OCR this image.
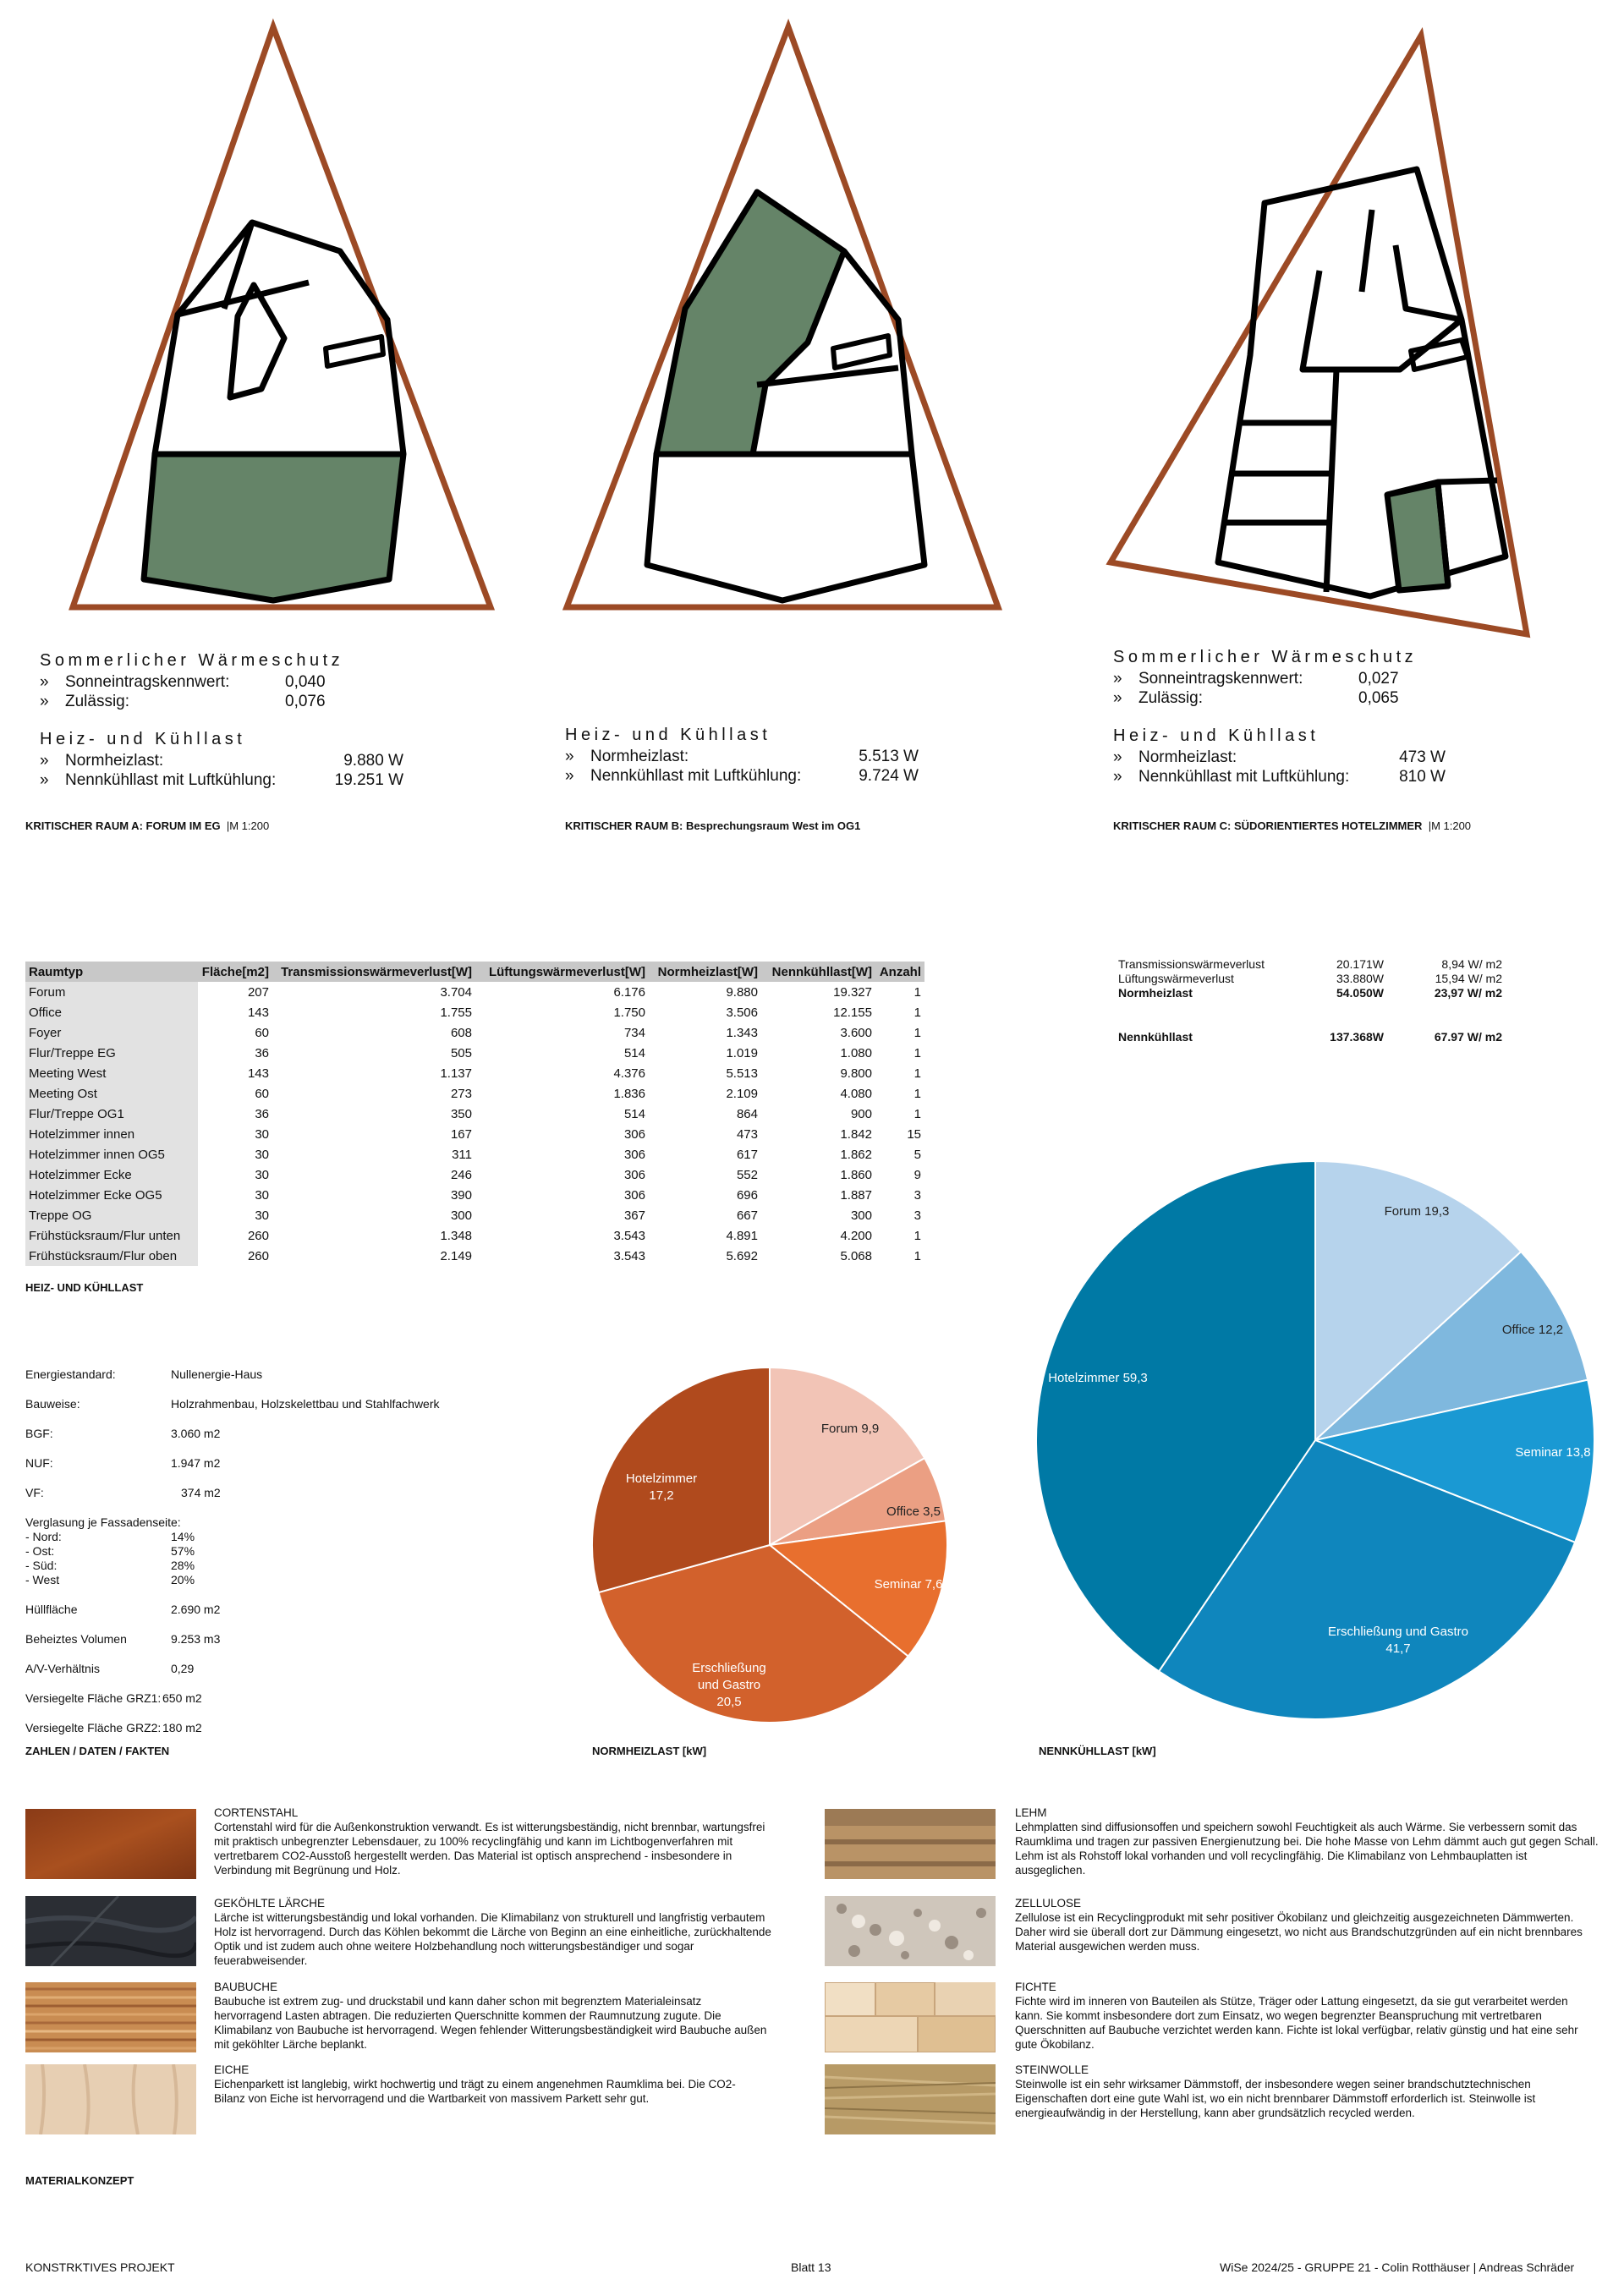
Sommerlicher Wärmeschutz
»	Sonneintragskennwert:	0,040
»	Zulässig:	0,076
Heiz- und Kühllast
»	Normheizlast:	9.880 W
»	Nennkühllast mit Luftkühlung:	19.251 W
KRITISCHER RAUM A: FORUM IM EG |M 1:200
Heiz- und Kühllast
»	Normheizlast:	5.513 W
»	Nennkühllast mit Luftkühlung:	9.724 W
KRITISCHER RAUM B: Besprechungsraum West im OG1
Sommerlicher Wärmeschutz
»	Sonneintragskennwert:	0,027
»	Zulässig:	0,065
Heiz- und Kühllast
»	Normheizlast:	473 W
»	Nennkühllast mit Luftkühlung:	810 W
KRITISCHER RAUM C: SÜDORIENTIERTES HOTELZIMMER |M 1:200
Raumtyp	Fläche[m2]	Transmissionswärmeverlust[W]	Lüftungswärmeverlust[W]	Normheizlast[W]	Nennkühllast[W]	Anzahl
Forum	207	3.704	6.176	9.880	19.327	1
Office	143	1.755	1.750	3.506	12.155	1
Foyer	60	608	734	1.343	3.600	1
Flur/Treppe EG	36	505	514	1.019	1.080	1
Meeting West	143	1.137	4.376	5.513	9.800	1
Meeting Ost	60	273	1.836	2.109	4.080	1
Flur/Treppe OG1	36	350	514	864	900	1
Hotelzimmer innen	30	167	306	473	1.842	15
Hotelzimmer innen OG5	30	311	306	617	1.862	5
Hotelzimmer Ecke	30	246	306	552	1.860	9
Hotelzimmer Ecke OG5	30	390	306	696	1.887	3
Treppe OG	30	300	367	667	300	3
Frühstücksraum/Flur unten	260	1.348	3.543	4.891	4.200	1
Frühstücksraum/Flur oben	260	2.149	3.543	5.692	5.068	1
HEIZ- UND KÜHLLAST
Transmissionswärmeverlust	20.171W	8,94 W/ m2
Lüftungswärmeverlust	33.880W	15,94 W/ m2
Normheizlast	54.050W	23,97 W/ m2
Nennkühllast	137.368W	67.97 W/ m2
Energiestandard:	Nullenergie-Haus
Bauweise:	Holzrahmenbau, Holzskelettbau und Stahlfachwerk
BGF:	3.060 m2
NUF:	1.947 m2
VF:	374 m2
Verglasung je Fassadenseite:
- Nord:	14%
- Ost:	57%
- Süd:	28%
- West	20%
Hüllfläche	2.690 m2
Beheiztes Volumen	9.253 m3
A/V-Verhältnis	0,29
Versiegelte Fläche GRZ1: 650 m2
Versiegelte Fläche GRZ2: 180 m2
ZAHLEN / DATEN / FAKTEN
Forum 9,9
Office 3,5
Seminar 7,6
Erschließung
und Gastro
20,5
Hotelzimmer
17,2
NORMHEIZLAST [kW]
Forum 19,3
Office 12,2
Seminar 13,8
Erschließung und Gastro
41,7
Hotelzimmer 59,3
NENNKÜHLLAST [kW]
CORTENSTAHL
Cortenstahl wird für die Außenkonstruktion verwandt. Es ist witterungsbeständig, nicht brennbar, wartungsfrei mit praktisch unbegrenzter Lebensdauer, zu 100% recyclingfähig und kann im Lichtbogenverfahren mit vertretbarem CO2-Ausstoß hergestellt werden. Das Material ist optisch ansprechend - insbesondere in Verbindung mit Begrünung und Holz.
GEKÖHLTE LÄRCHE
Lärche ist witterungsbeständig und lokal vorhanden. Die Klimabilanz von strukturell und langfristig verbautem Holz ist hervorragend. Durch das Köhlen bekommt die Lärche von Beginn an eine einheitliche, zurückhaltende Optik und ist zudem auch ohne weitere Holzbehandlung noch witterungsbeständiger und sogar feuerabweisender.
BAUBUCHE
Baubuche ist extrem zug- und druckstabil und kann daher schon mit begrenztem Materialeinsatz hervorragend Lasten abtragen. Die reduzierten Querschnitte kommen der Raumnutzung zugute. Die Klimabilanz von Baubuche ist hervorragend. Wegen fehlender Witterungsbeständigkeit wird Baubuche außen mit geköhlter Lärche beplankt.
EICHE
Eichenparkett ist langlebig, wirkt hochwertig und trägt zu einem angenehmen Raumklima bei. Die CO2-Bilanz von Eiche ist hervorragend und die Wartbarkeit von massivem Parkett sehr gut.
LEHM
Lehmplatten sind diffusionsoffen und speichern sowohl Feuchtigkeit als auch Wärme. Sie verbessern somit das Raumklima und tragen zur passiven Energienutzung bei. Die hohe Masse von Lehm dämmt auch gut gegen Schall. Lehm ist als Rohstoff lokal vorhanden und voll recyclingfähig. Die Klimabilanz von Lehmbauplatten ist ausgeglichen.
ZELLULOSE
Zellulose ist ein Recyclingprodukt mit sehr positiver Ökobilanz und gleichzeitig ausgezeichneten Dämmwerten. Daher wird sie überall dort zur Dämmung eingesetzt, wo nicht aus Brandschutzgründen auf ein nicht brennbares Material ausgewichen werden muss.
FICHTE
Fichte wird im inneren von Bauteilen als Stütze, Träger oder Lattung eingesetzt, da sie gut verarbeitet werden kann. Sie kommt insbesondere dort zum Einsatz, wo wegen begrenzter Beanspruchung mit vertretbaren Querschnitten auf Baubuche verzichtet werden kann. Fichte ist lokal verfügbar, relativ günstig und hat eine sehr gute Ökobilanz.
STEINWOLLE
Steinwolle ist ein sehr wirksamer Dämmstoff, der insbesondere wegen seiner brandschutztechnischen Eigenschaften dort eine gute Wahl ist, wo ein nicht brennbarer Dämmstoff erforderlich ist. Steinwolle ist energieaufwändig in der Herstellung, kann aber grundsätzlich recycled werden.
MATERIALKONZEPT
KONSTRKTIVES PROJEKT	Blatt 13	WiSe 2024/25 - GRUPPE 21 - Colin Rotthäuser | Andreas Schräder
